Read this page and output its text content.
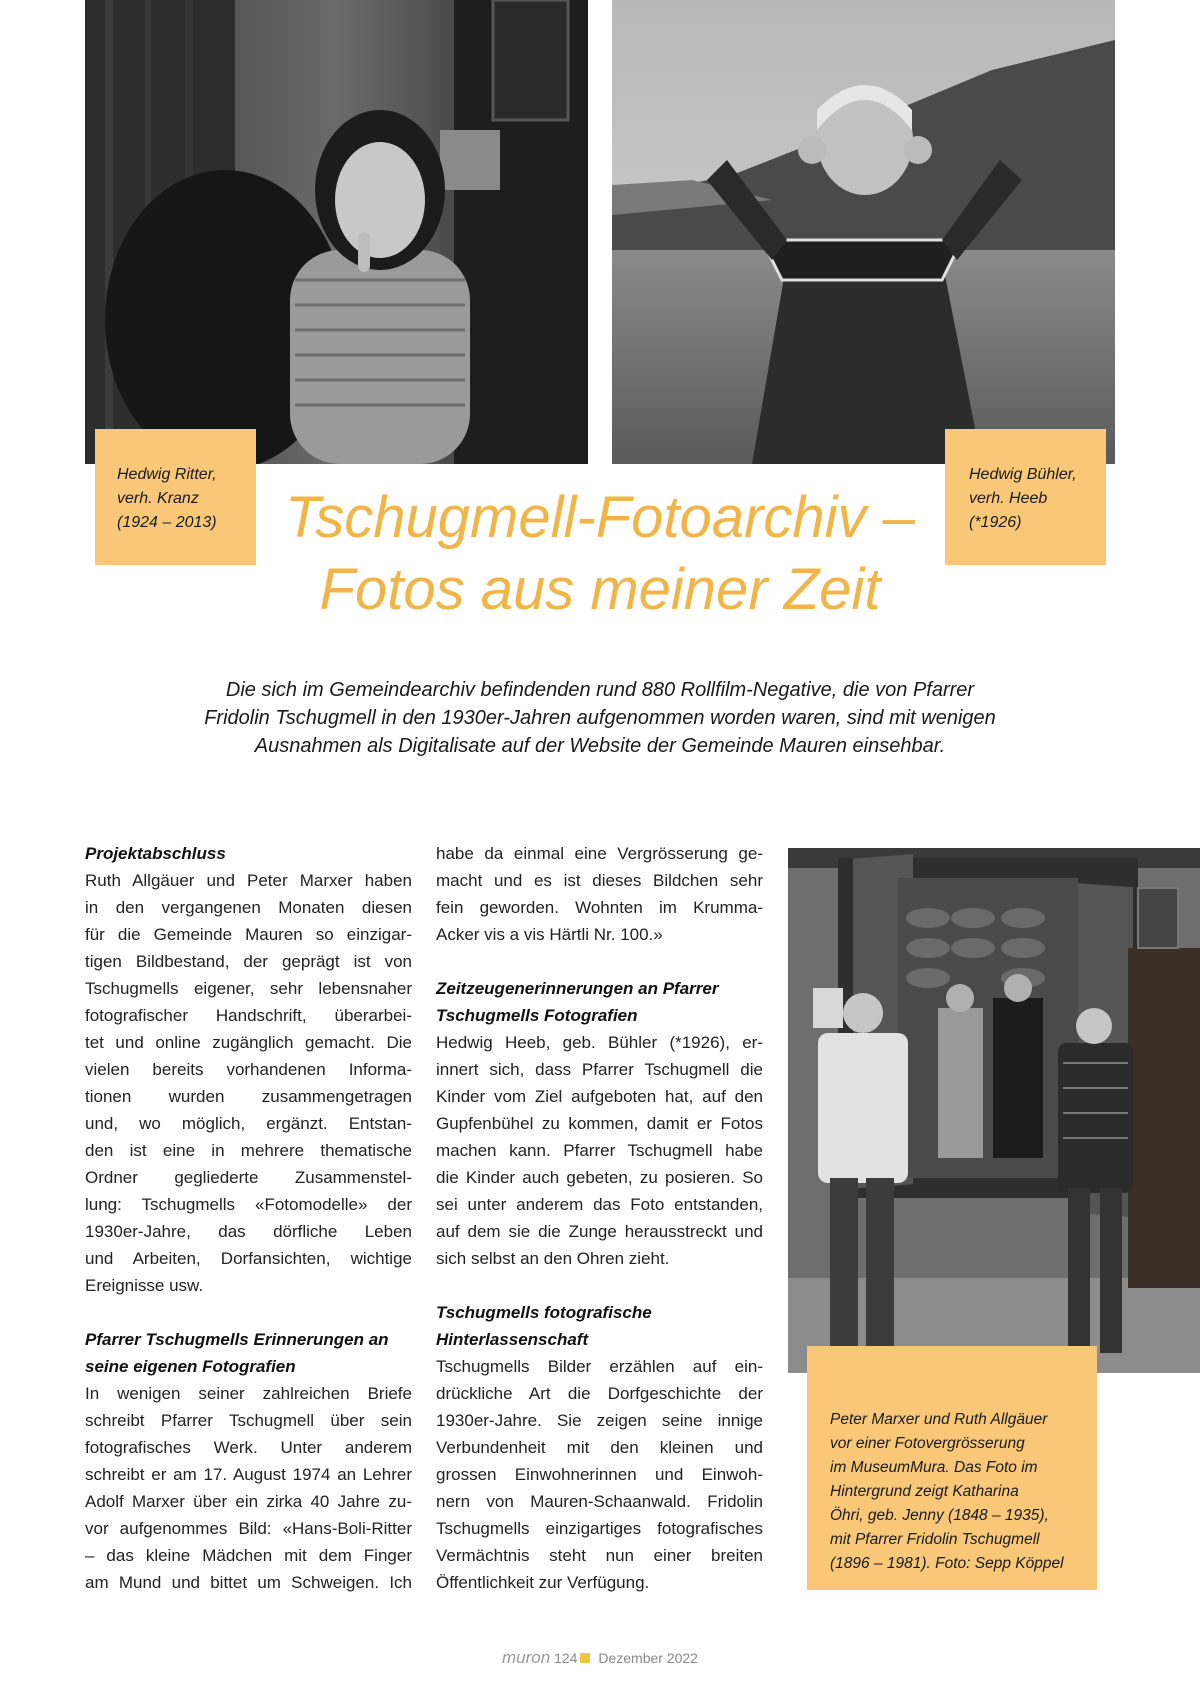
Hedwig Ritter,
verh. Kranz
(1924 – 2013)
Hedwig Bühler,
verh. Heeb
(*1926)
Tschugmell-Fotoarchiv –
Fotos aus meiner Zeit

Die sich im Gemeindearchiv befindenden rund 880 Rollfilm-Negative, die von Pfarrer
Fridolin Tschugmell in den 1930er-Jahren aufgenommen worden waren, sind mit wenigen
Ausnahmen als Digitalisate auf der Website der Gemeinde Mauren einsehbar.

Projektabschluss
Ruth Allgäuer und Peter Marxer haben
in den vergangenen Monaten diesen
für die Gemeinde Mauren so einzigar-
tigen Bildbestand, der geprägt ist von
Tschugmells eigener, sehr lebensnaher
fotografischer Handschrift, überarbei-
tet und online zugänglich gemacht. Die
vielen bereits vorhandenen Informa-
tionen wurden zusammengetragen
und, wo möglich, ergänzt. Entstan-
den ist eine in mehrere thematische
Ordner gegliederte Zusammenstel-
lung: Tschugmells «Fotomodelle» der
1930er-Jahre, das dörfliche Leben
und Arbeiten, Dorfansichten, wichtige
Ereignisse usw.
Pfarrer Tschugmells Erinnerungen an
seine eigenen Fotografien
In wenigen seiner zahlreichen Briefe
schreibt Pfarrer Tschugmell über sein
fotografisches Werk. Unter anderem
schreibt er am 17. August 1974 an Lehrer
Adolf Marxer über ein zirka 40 Jahre zu-
vor aufgenommes Bild: «Hans-Boli-Ritter
– das kleine Mädchen mit dem Finger
am Mund und bittet um Schweigen. Ich
habe da einmal eine Vergrösserung ge-
macht und es ist dieses Bildchen sehr
fein geworden. Wohnten im Krumma-
Acker vis a vis Härtli Nr. 100.»
Zeitzeugenerinnerungen an Pfarrer
Tschugmells Fotografien
Hedwig Heeb, geb. Bühler (*1926), er-
innert sich, dass Pfarrer Tschugmell die
Kinder vom Ziel aufgeboten hat, auf den
Gupfenbühel zu kommen, damit er Fotos
machen kann. Pfarrer Tschugmell habe
die Kinder auch gebeten, zu posieren. So
sei unter anderem das Foto entstanden,
auf dem sie die Zunge herausstreckt und
sich selbst an den Ohren zieht.
Tschugmells fotografische
Hinterlassenschaft
Tschugmells Bilder erzählen auf ein-
drückliche Art die Dorfgeschichte der
1930er-Jahre. Sie zeigen seine innige
Verbundenheit mit den kleinen und
grossen Einwohnerinnen und Einwoh-
nern von Mauren-Schaanwald. Fridolin
Tschugmells einzigartiges fotografisches
Vermächtnis steht nun einer breiten
Öffentlichkeit zur Verfügung.
Peter Marxer und Ruth Allgäuer
vor einer Fotovergrösserung
im MuseumMura. Das Foto im
Hintergrund zeigt Katharina
Öhri, geb. Jenny (1848 – 1935),
mit Pfarrer Fridolin Tschugmell
(1896 – 1981). Foto: Sepp Köppel
muron 124 Dezember 2022
